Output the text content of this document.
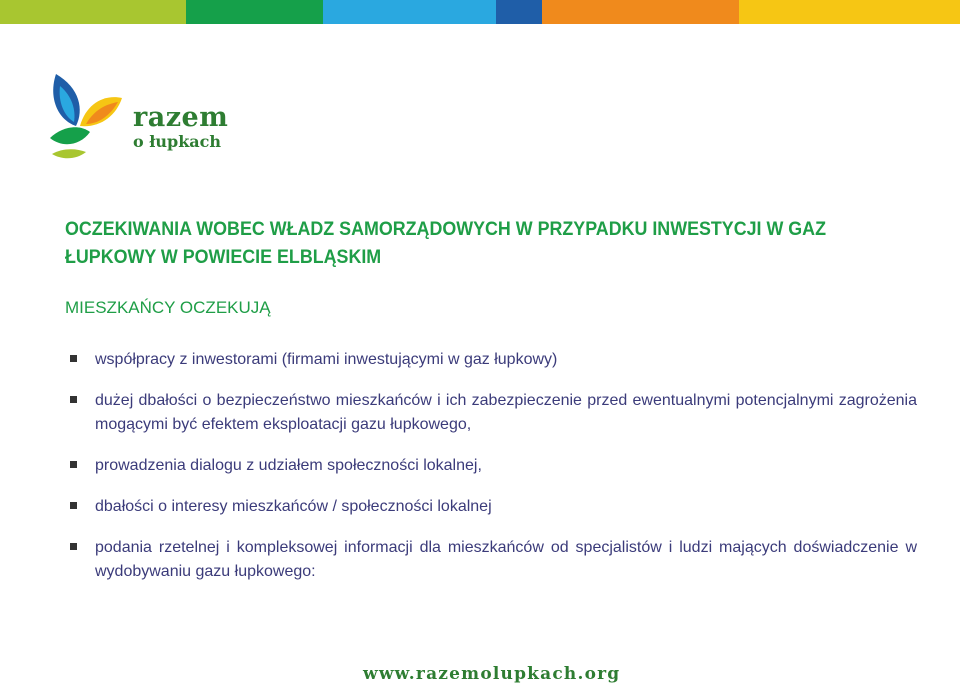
razem
o łupkach
OCZEKIWANIA WOBEC WŁADZ SAMORZĄDOWYCH W PRZYPADKU INWESTYCJI W GAZ ŁUPKOWY W POWIECIE ELBLĄSKIM
MIESZKAŃCY OCZEKUJĄ
współpracy z inwestorami (firmami inwestującymi w gaz łupkowy)
dużej dbałości o bezpieczeństwo mieszkańców i ich zabezpieczenie przed ewentualnymi potencjalnymi zagrożenia mogącymi być efektem eksploatacji gazu łupkowego,
prowadzenia dialogu z udziałem społeczności lokalnej,
dbałości o interesy mieszkańców / społeczności lokalnej
podania rzetelnej i kompleksowej informacji dla mieszkańców od specjalistów i ludzi mających doświadczenie w wydobywaniu gazu łupkowego:
www.razemolupkach.org
